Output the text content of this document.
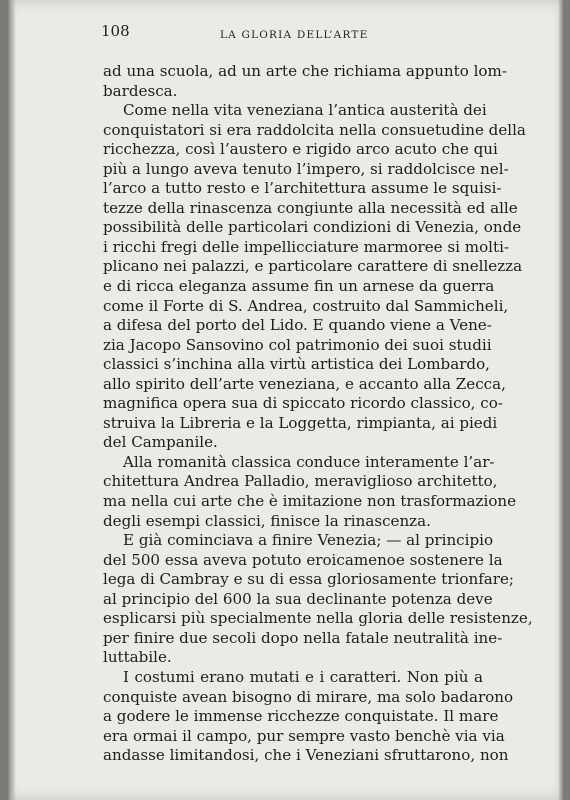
108	LA GLORIA DELL’ARTE
ad una scuola, ad un arte che richiama appunto lom-
bardesca.
Come nella vita veneziana l’antica austerità dei
conquistatori si era raddolcita nella consuetudine della
ricchezza, così l’austero e rigido arco acuto che qui
più a lungo aveva tenuto l’impero, si raddolcisce nel-
l’arco a tutto resto e l’architettura assume le squisi-
tezze della rinascenza congiunte alla necessità ed alle
possibilità delle particolari condizioni di Venezia, onde
i ricchi fregi delle impellicciature marmoree si molti-
plicano nei palazzi, e particolare carattere di snellezza
e di ricca eleganza assume fin un arnese da guerra
come il Forte di S. Andrea, costruito dal Sammicheli,
a difesa del porto del Lido. E quando viene a Vene-
zia Jacopo Sansovino col patrimonio dei suoi studii
classici s’inchina alla virtù artistica dei Lombardo,
allo spirito dell’arte veneziana, e accanto alla Zecca,
magnifica opera sua di spiccato ricordo classico, co-
struiva la Libreria e la Loggetta, rimpianta, ai piedi
del Campanile.
Alla romanità classica conduce interamente l’ar-
chitettura Andrea Palladio, meraviglioso architetto,
ma nella cui arte che è imitazione non trasformazione
degli esempi classici, finisce la rinascenza.
E già cominciava a finire Venezia; — al principio
del 500 essa aveva potuto eroicamenoe sostenere la
lega di Cambray e su di essa gloriosamente trionfare;
al principio del 600 la sua declinante potenza deve
esplicarsi più specialmente nella gloria delle resistenze,
per finire due secoli dopo nella fatale neutralità ine-
luttabile.
I costumi erano mutati e i caratteri. Non più a
conquiste avean bisogno di mirare, ma solo badarono
a godere le immense ricchezze conquistate. Il mare
era ormai il campo, pur sempre vasto benchè via via
andasse limitandosi, che i Veneziani sfruttarono, non
